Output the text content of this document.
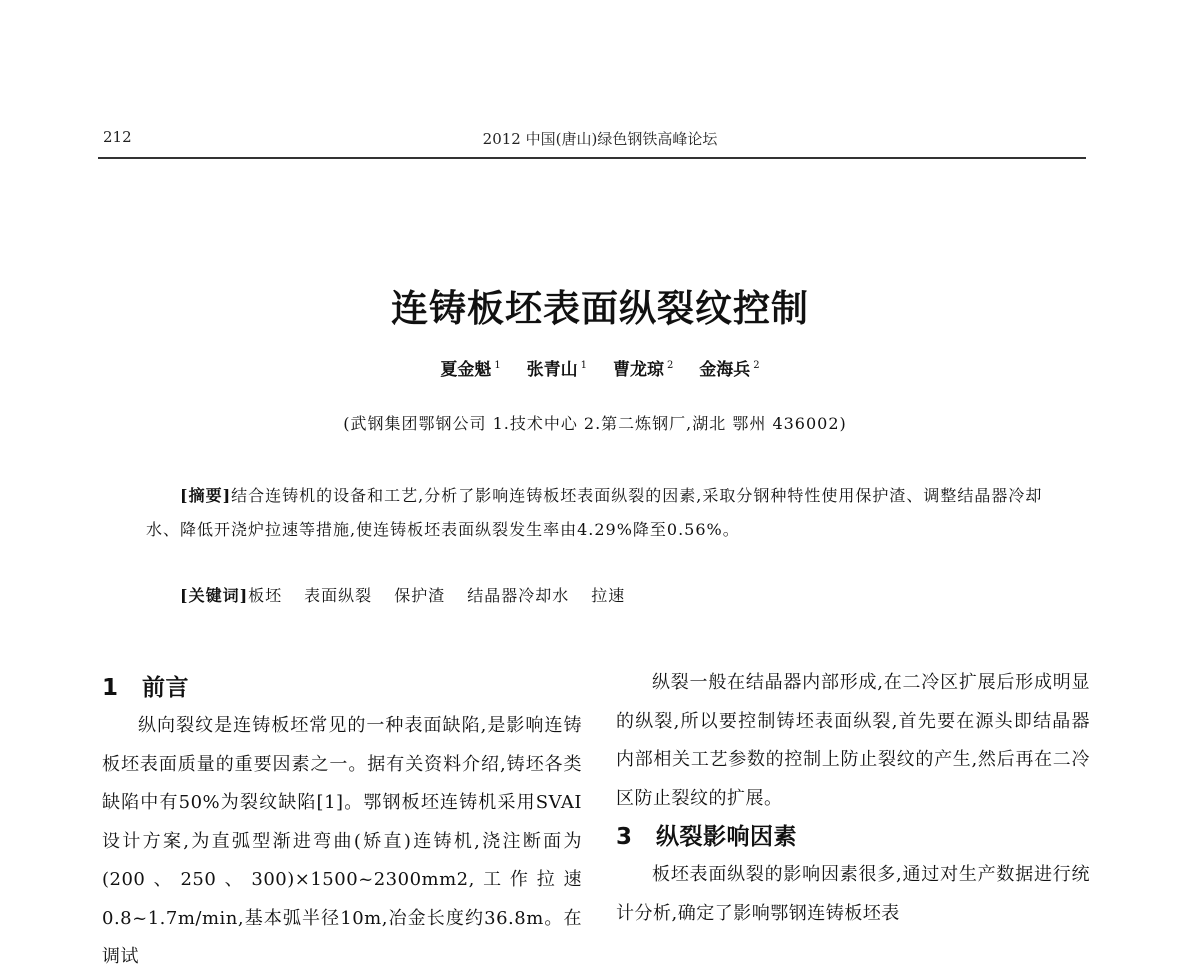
212	2012 中国(唐山)绿色钢铁高峰论坛
连铸板坯表面纵裂纹控制
夏金魁 $^1$ 张青山 $^1$ 曹龙琼 $^2$ 金海兵 $^2$
(武钢集团鄂钢公司 1.技术中心 2.第二炼钢厂,湖北 鄂州 436002)

[摘要]结合连铸机的设备和工艺,分析了影响连铸板坯表面纵裂的因素,采取分钢种特性使用保护渣、调整结晶器冷却水、降低开浇炉拉速等措施,使连铸板坯表面纵裂发生率由4.29%降至0.56%。

[关键词]板坯 表面纵裂 保护渣 结晶器冷却水 拉速
1 前言

纵向裂纹是连铸板坯常见的一种表面缺陷,是影响连铸板坯表面质量的重要因素之一。据有关资料介绍,铸坯各类缺陷中有50%为裂纹缺陷[1]。鄂钢板坯连铸机采用SVAI设计方案,为直弧型渐进弯曲(矫直)连铸机,浇注断面为(200、250、300)×1500~2300mm2,工作拉速0.8~1.7m/min,基本弧半径10m,冶金长度约36.8m。在调试

纵裂一般在结晶器内部形成,在二冷区扩展后形成明显的纵裂,所以要控制铸坯表面纵裂,首先要在源头即结晶器内部相关工艺参数的控制上防止裂纹的产生,然后再在二冷区防止裂纹的扩展。

3 纵裂影响因素

板坯表面纵裂的影响因素很多,通过对生产数据进行统计分析,确定了影响鄂钢连铸板坯表
